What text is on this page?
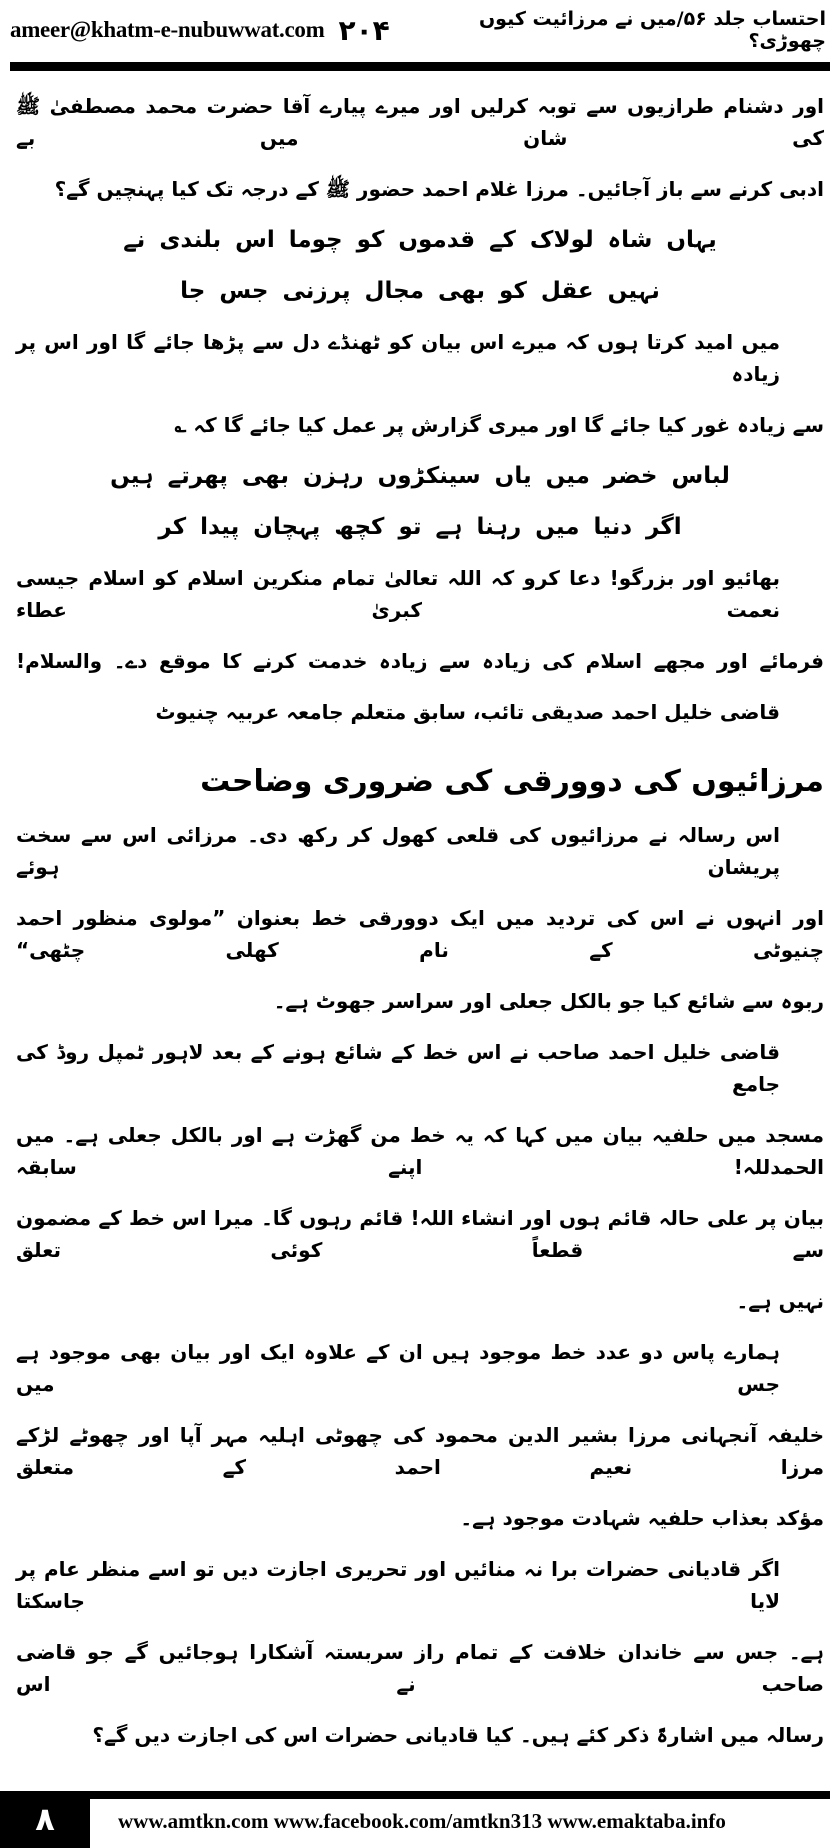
ameer@khatm-e-nubuwwat.com ۲۰۴	احتساب جلد ۵۶/میں نے مرزائیت کیوں چھوڑی؟
اور دشنام طرازیوں سے توبہ کرلیں اور میرے پیارے آقا حضرت محمد مصطفیٰ ﷺ کی شان میں بے
ادبی کرنے سے باز آجائیں۔ مرزا غلام احمد حضور ﷺ کے درجہ تک کیا پہنچیں گے؟
یہاں شاہ لولاک کے قدموں کو چوما اس بلندی نے
نہیں عقل کو بھی مجال پرزنی جس جا
میں امید کرتا ہوں کہ میرے اس بیان کو ٹھنڈے دل سے پڑھا جائے گا اور اس پر زیادہ
سے زیادہ غور کیا جائے گا اور میری گزارش پر عمل کیا جائے گا کہ ؎
لباس خضر میں یاں سینکڑوں رہزن بھی پھرتے ہیں
اگر دنیا میں رہنا ہے تو کچھ پہچان پیدا کر
بھائیو اور بزرگو! دعا کرو کہ اللہ تعالیٰ تمام منکرین اسلام کو اسلام جیسی نعمت کبریٰ عطاء
فرمائے اور مجھے اسلام کی زیادہ سے زیادہ خدمت کرنے کا موقع دے۔ والسلام!
قاضی خلیل احمد صدیقی تائب، سابق متعلم جامعہ عربیہ چنیوٹ
مرزائیوں کی دوورقی کی ضروری وضاحت
اس رسالہ نے مرزائیوں کی قلعی کھول کر رکھ دی۔ مرزائی اس سے سخت پریشان ہوئے
اور انہوں نے اس کی تردید میں ایک دوورقی خط بعنوان ”مولوی منظور احمد چنیوٹی کے نام کھلی چٹھی“
ربوہ سے شائع کیا جو بالکل جعلی اور سراسر جھوٹ ہے۔
قاضی خلیل احمد صاحب نے اس خط کے شائع ہونے کے بعد لاہور ٹمپل روڈ کی جامع
مسجد میں حلفیہ بیان میں کہا کہ یہ خط من گھڑت ہے اور بالکل جعلی ہے۔ میں الحمدللہ! اپنے سابقہ
بیان پر علی حالہ قائم ہوں اور انشاء اللہ! قائم رہوں گا۔ میرا اس خط کے مضمون سے قطعاً کوئی تعلق
نہیں ہے۔
ہمارے پاس دو عدد خط موجود ہیں ان کے علاوہ ایک اور بیان بھی موجود ہے جس میں
خلیفہ آنجہانی مرزا بشیر الدین محمود کی چھوٹی اہلیہ مہر آپا اور چھوٹے لڑکے مرزا نعیم احمد کے متعلق
مؤکد بعذاب حلفیہ شہادت موجود ہے۔
اگر قادیانی حضرات برا نہ منائیں اور تحریری اجازت دیں تو اسے منظر عام پر لایا جاسکتا
ہے۔ جس سے خاندان خلافت کے تمام راز سربستہ آشکارا ہوجائیں گے جو قاضی صاحب نے اس
رسالہ میں اشارۃً ذکر کئے ہیں۔ کیا قادیانی حضرات اس کی اجازت دیں گے؟
٨	www.amtkn.com www.facebook.com/amtkn313 www.emaktaba.info
